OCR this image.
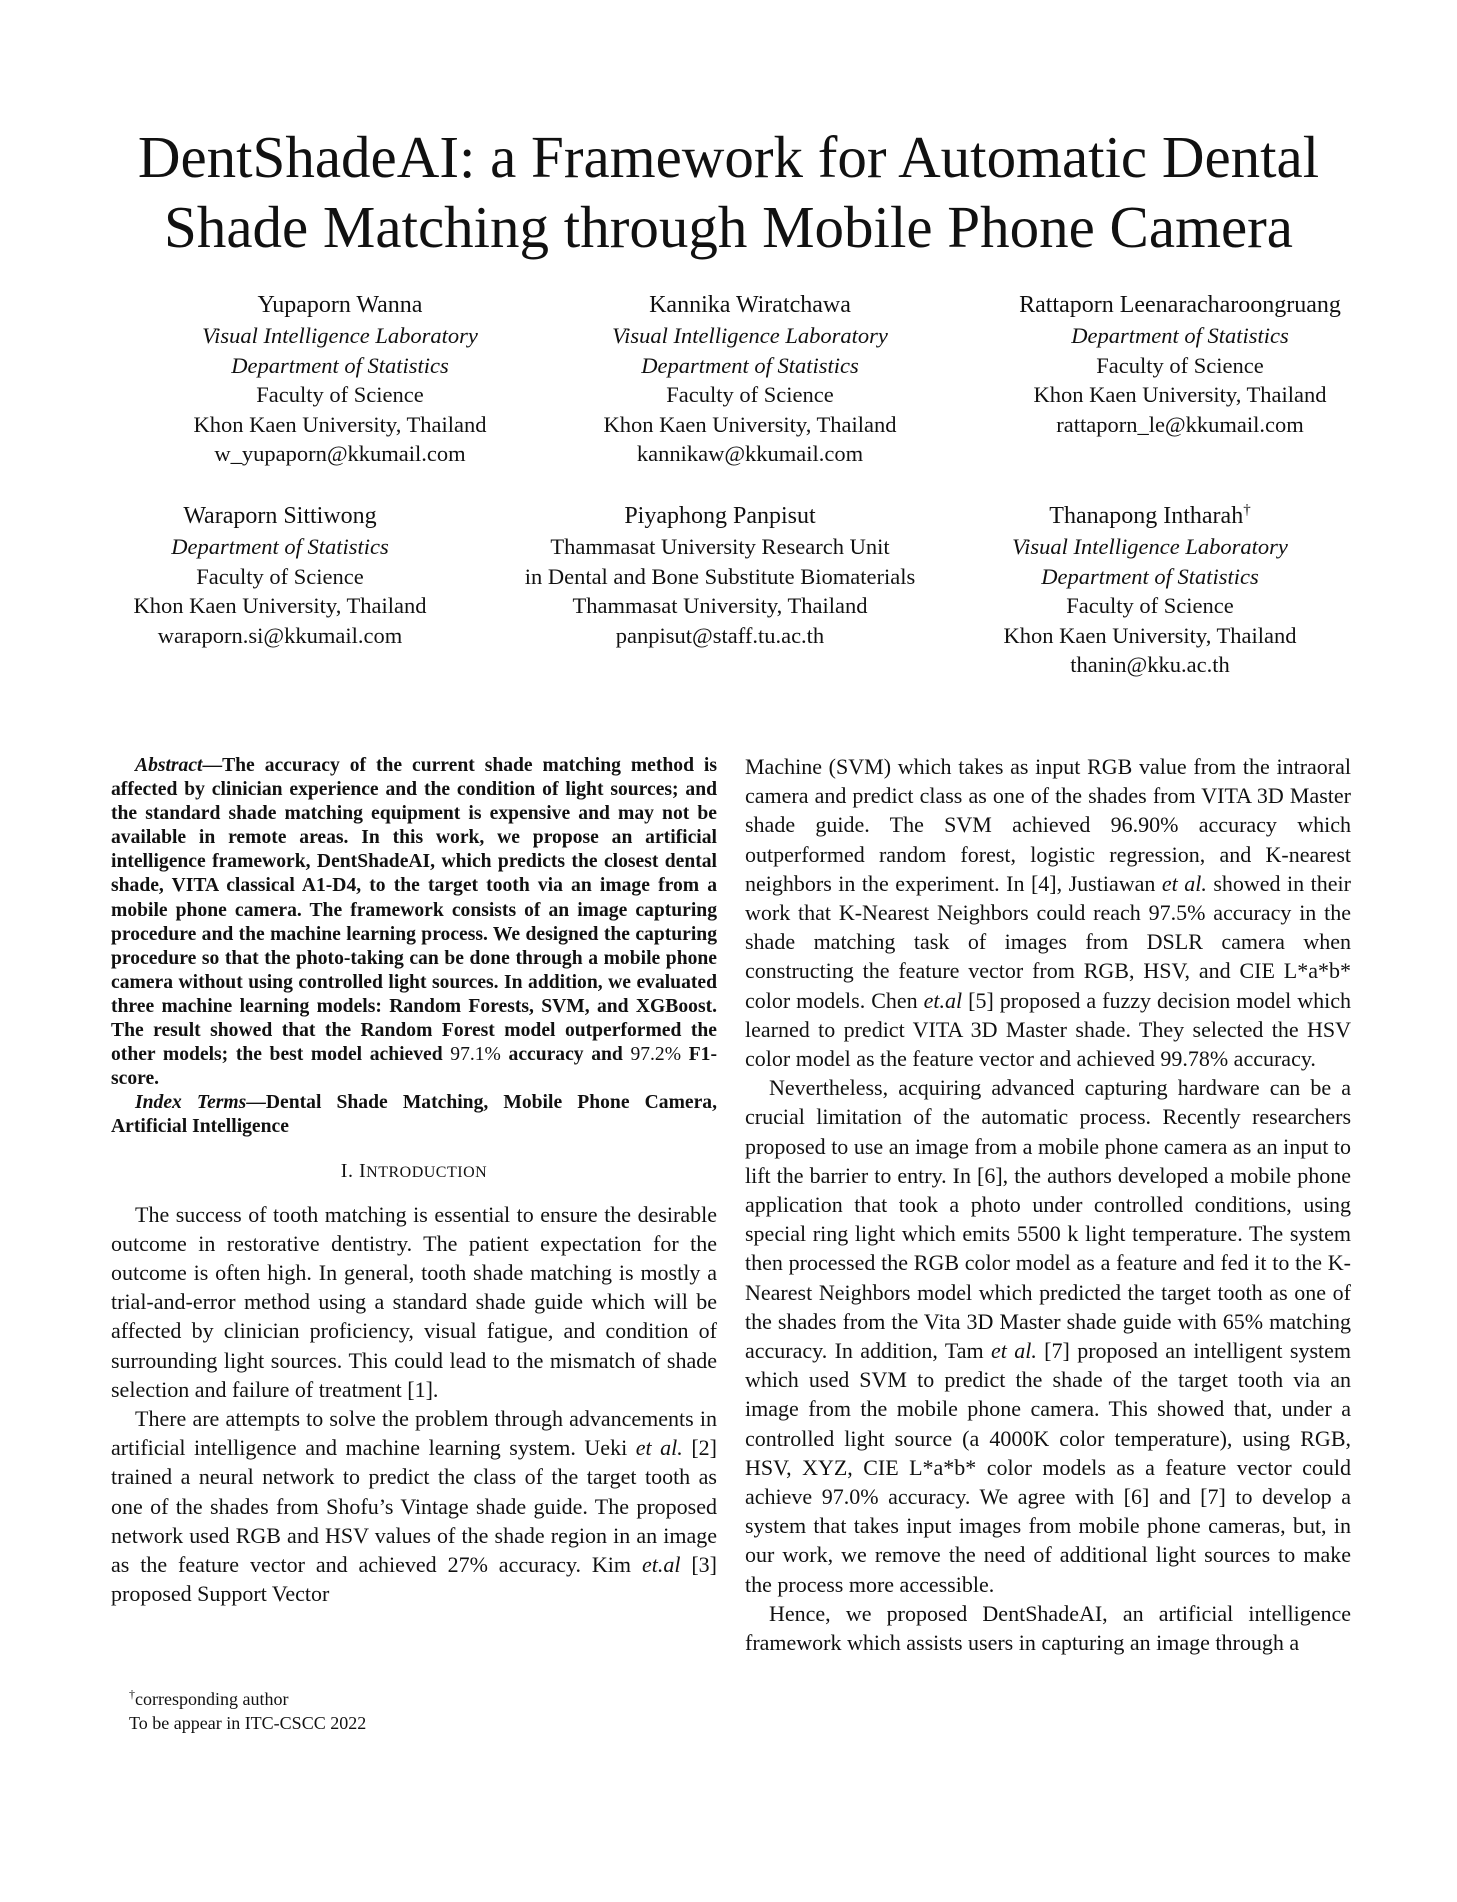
DentShadeAI: a Framework for Automatic Dental
Shade Matching through Mobile Phone Camera
Yupaporn Wanna
Visual Intelligence Laboratory
Department of Statistics
Faculty of Science
Khon Kaen University, Thailand
w_yupaporn@kkumail.com
Kannika Wiratchawa
Visual Intelligence Laboratory
Department of Statistics
Faculty of Science
Khon Kaen University, Thailand
kannikaw@kkumail.com
Rattaporn Leenaracharoongruang
Department of Statistics
Faculty of Science
Khon Kaen University, Thailand
rattaporn_le@kkumail.com
Waraporn Sittiwong
Department of Statistics
Faculty of Science
Khon Kaen University, Thailand
waraporn.si@kkumail.com
Piyaphong Panpisut
Thammasat University Research Unit
in Dental and Bone Substitute Biomaterials
Thammasat University, Thailand
panpisut@staff.tu.ac.th
Thanapong Intharah†
Visual Intelligence Laboratory
Department of Statistics
Faculty of Science
Khon Kaen University, Thailand
thanin@kku.ac.th

Abstract—The accuracy of the current shade matching method is affected by clinician experience and the condition of light sources; and the standard shade matching equipment is expensive and may not be available in remote areas. In this work, we propose an artificial intelligence framework, DentShadeAI, which predicts the closest dental shade, VITA classical A1-D4, to the target tooth via an image from a mobile phone camera. The framework consists of an image capturing procedure and the machine learning process. We designed the capturing procedure so that the photo-taking can be done through a mobile phone camera without using controlled light sources. In addition, we evaluated three machine learning models: Random Forests, SVM, and XGBoost. The result showed that the Random Forest model outperformed the other models; the best model achieved 97.1% accuracy and 97.2% F1-score.

Index Terms—Dental Shade Matching, Mobile Phone Camera, Artificial Intelligence

I. INTRODUCTION

The success of tooth matching is essential to ensure the desirable outcome in restorative dentistry. The patient expectation for the outcome is often high. In general, tooth shade matching is mostly a trial-and-error method using a standard shade guide which will be affected by clinician proficiency, visual fatigue, and condition of surrounding light sources. This could lead to the mismatch of shade selection and failure of treatment [1].

There are attempts to solve the problem through advancements in artificial intelligence and machine learning system. Ueki et al. [2] trained a neural network to predict the class of the target tooth as one of the shades from Shofu’s Vintage shade guide. The proposed network used RGB and HSV values of the shade region in an image as the feature vector and achieved 27% accuracy. Kim et.al [3] proposed Support Vector

†corresponding author
To be appear in ITC-CSCC 2022

Machine (SVM) which takes as input RGB value from the intraoral camera and predict class as one of the shades from VITA 3D Master shade guide. The SVM achieved 96.90% accuracy which outperformed random forest, logistic regression, and K-nearest neighbors in the experiment. In [4], Justiawan et al. showed in their work that K-Nearest Neighbors could reach 97.5% accuracy in the shade matching task of images from DSLR camera when constructing the feature vector from RGB, HSV, and CIE L*a*b* color models. Chen et.al [5] proposed a fuzzy decision model which learned to predict VITA 3D Master shade. They selected the HSV color model as the feature vector and achieved 99.78% accuracy.

Nevertheless, acquiring advanced capturing hardware can be a crucial limitation of the automatic process. Recently researchers proposed to use an image from a mobile phone camera as an input to lift the barrier to entry. In [6], the authors developed a mobile phone application that took a photo under controlled conditions, using special ring light which emits 5500 k light temperature. The system then processed the RGB color model as a feature and fed it to the K-Nearest Neighbors model which predicted the target tooth as one of the shades from the Vita 3D Master shade guide with 65% matching accuracy. In addition, Tam et al. [7] proposed an intelligent system which used SVM to predict the shade of the target tooth via an image from the mobile phone camera. This showed that, under a controlled light source (a 4000K color temperature), using RGB, HSV, XYZ, CIE L*a*b* color models as a feature vector could achieve 97.0% accuracy. We agree with [6] and [7] to develop a system that takes input images from mobile phone cameras, but, in our work, we remove the need of additional light sources to make the process more accessible.

Hence, we proposed DentShadeAI, an artificial intelligence framework which assists users in capturing an image through a
